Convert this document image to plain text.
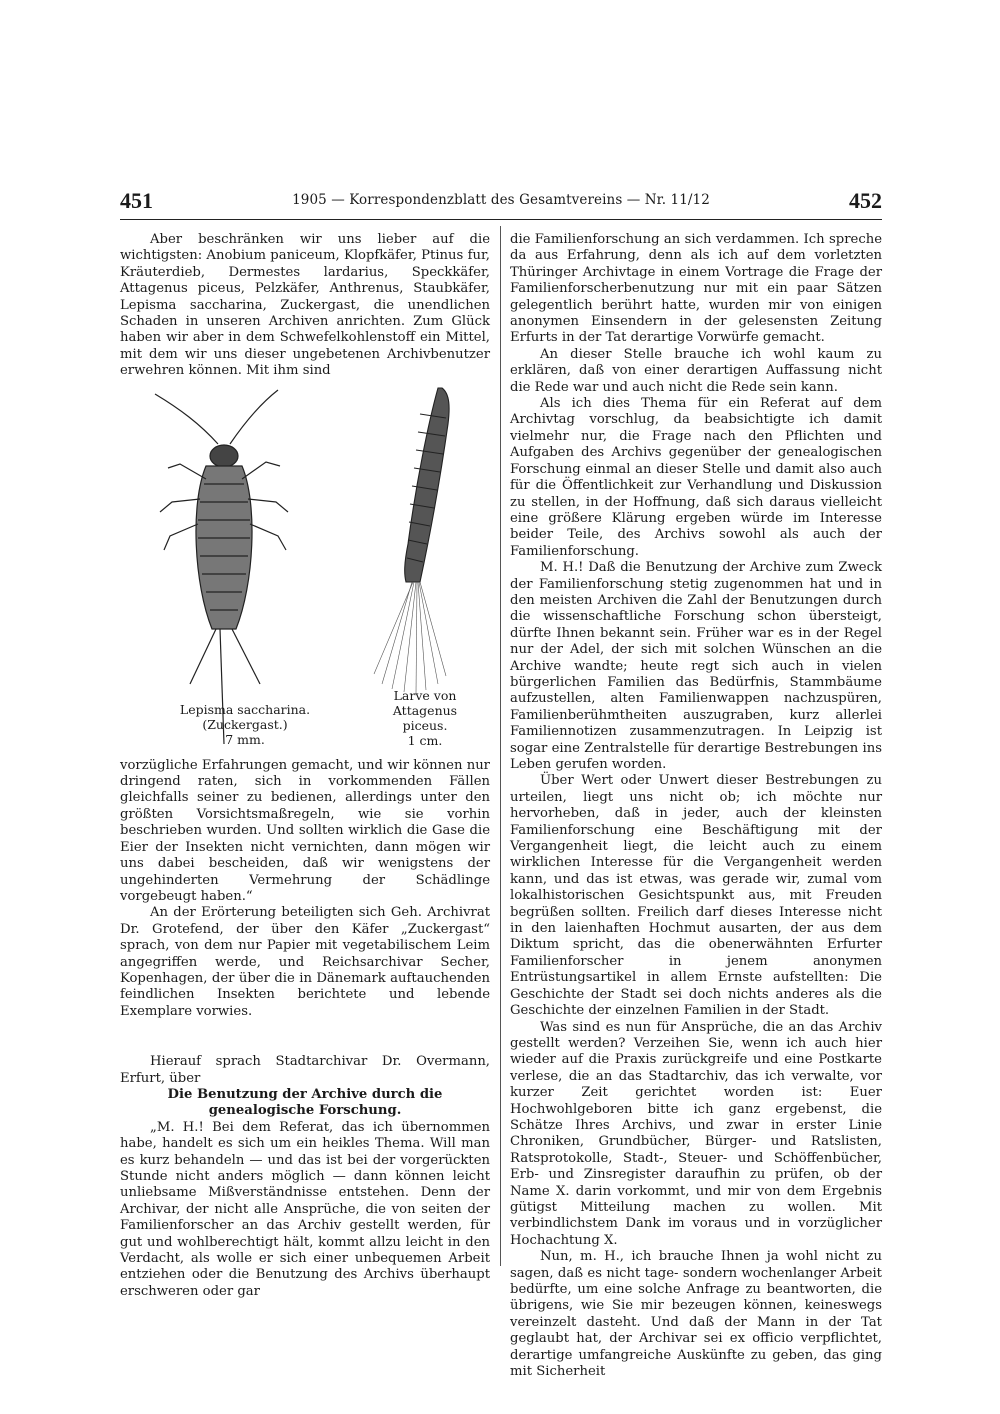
451	1905 — Korrespondenzblatt des Gesamtvereins — Nr. 11/12	452

Aber beschränken wir uns lieber auf die wichtigsten: Anobium paniceum, Klopfkäfer, Ptinus fur, Kräuterdieb, Dermestes lardarius, Speckkäfer, Attagenus piceus, Pelzkäfer, Anthrenus, Staubkäfer, Lepisma saccharina, Zuckergast, die unendlichen Schaden in unseren Archiven anrichten. Zum Glück haben wir aber in dem Schwefelkohlenstoff ein Mittel, mit dem wir uns dieser ungebetenen Archivbenutzer erwehren können. Mit ihm sind

Lepisma saccharina.
(Zuckergast.)
7 mm.
Larve von
Attagenus
piceus.
1 cm.

vorzügliche Erfahrungen gemacht, und wir können nur dringend raten, sich in vorkommenden Fällen gleichfalls seiner zu bedienen, allerdings unter den größten Vorsichtsmaßregeln, wie sie vorhin beschrieben wurden. Und sollten wirklich die Gase die Eier der Insekten nicht vernichten, dann mögen wir uns dabei bescheiden, daß wir wenigstens der ungehinderten Vermehrung der Schädlinge vorgebeugt haben.“

An der Erörterung beteiligten sich Geh. Archivrat Dr. Grotefend, der über den Käfer „Zuckergast“ sprach, von dem nur Papier mit vegetabilischem Leim angegriffen werde, und Reichsarchivar Secher, Kopenhagen, der über die in Dänemark auftauchenden feindlichen Insekten berichtete und lebende Exemplare vorwies.

Hierauf sprach Stadtarchivar Dr. Overmann, Erfurt, über

Die Benutzung der Archive durch die genealogische Forschung.

„M. H.! Bei dem Referat, das ich übernommen habe, handelt es sich um ein heikles Thema. Will man es kurz behandeln — und das ist bei der vorgerückten Stunde nicht anders möglich — dann können leicht unliebsame Mißverständnisse entstehen. Denn der Archivar, der nicht alle Ansprüche, die von seiten der Familienforscher an das Archiv gestellt werden, für gut und wohlberechtigt hält, kommt allzu leicht in den Verdacht, als wolle er sich einer unbequemen Arbeit entziehen oder die Benutzung des Archivs überhaupt erschweren oder gar

die Familienforschung an sich verdammen. Ich spreche da aus Erfahrung, denn als ich auf dem vorletzten Thüringer Archivtage in einem Vortrage die Frage der Familienforscherbenutzung nur mit ein paar Sätzen gelegentlich berührt hatte, wurden mir von einigen anonymen Einsendern in der gelesensten Zeitung Erfurts in der Tat derartige Vorwürfe gemacht.

An dieser Stelle brauche ich wohl kaum zu erklären, daß von einer derartigen Auffassung nicht die Rede war und auch nicht die Rede sein kann.

Als ich dies Thema für ein Referat auf dem Archivtag vorschlug, da beabsichtigte ich damit vielmehr nur, die Frage nach den Pflichten und Aufgaben des Archivs gegenüber der genealogischen Forschung einmal an dieser Stelle und damit also auch für die Öffentlichkeit zur Verhandlung und Diskussion zu stellen, in der Hoffnung, daß sich daraus vielleicht eine größere Klärung ergeben würde im Interesse beider Teile, des Archivs sowohl als auch der Familienforschung.

M. H.! Daß die Benutzung der Archive zum Zweck der Familienforschung stetig zugenommen hat und in den meisten Archiven die Zahl der Benutzungen durch die wissenschaftliche Forschung schon übersteigt, dürfte Ihnen bekannt sein. Früher war es in der Regel nur der Adel, der sich mit solchen Wünschen an die Archive wandte; heute regt sich auch in vielen bürgerlichen Familien das Bedürfnis, Stammbäume aufzustellen, alten Familienwappen nachzuspüren, Familienberühmtheiten auszugraben, kurz allerlei Familiennotizen zusammenzutragen. In Leipzig ist sogar eine Zentralstelle für derartige Bestrebungen ins Leben gerufen worden.

Über Wert oder Unwert dieser Bestrebungen zu urteilen, liegt uns nicht ob; ich möchte nur hervorheben, daß in jeder, auch der kleinsten Familienforschung eine Beschäftigung mit der Vergangenheit liegt, die leicht auch zu einem wirklichen Interesse für die Vergangenheit werden kann, und das ist etwas, was gerade wir, zumal vom lokalhistorischen Gesichtspunkt aus, mit Freuden begrüßen sollten. Freilich darf dieses Interesse nicht in den laienhaften Hochmut ausarten, der aus dem Diktum spricht, das die obenerwähnten Erfurter Familienforscher in jenem anonymen Entrüstungsartikel in allem Ernste aufstellten: Die Geschichte der Stadt sei doch nichts anderes als die Geschichte der einzelnen Familien in der Stadt.

Was sind es nun für Ansprüche, die an das Archiv gestellt werden? Verzeihen Sie, wenn ich auch hier wieder auf die Praxis zurückgreife und eine Postkarte verlese, die an das Stadtarchiv, das ich verwalte, vor kurzer Zeit gerichtet worden ist: Euer Hochwohlgeboren bitte ich ganz ergebenst, die Schätze Ihres Archivs, und zwar in erster Linie Chroniken, Grundbücher, Bürger- und Ratslisten, Ratsprotokolle, Stadt-, Steuer- und Schöffenbücher, Erb- und Zinsregister daraufhin zu prüfen, ob der Name X. darin vorkommt, und mir von dem Ergebnis gütigst Mitteilung machen zu wollen. Mit verbindlichstem Dank im voraus und in vorzüglicher Hochachtung X.

Nun, m. H., ich brauche Ihnen ja wohl nicht zu sagen, daß es nicht tage- sondern wochenlanger Arbeit bedürfte, um eine solche Anfrage zu beantworten, die übrigens, wie Sie mir bezeugen können, keineswegs vereinzelt dasteht. Und daß der Mann in der Tat geglaubt hat, der Archivar sei ex officio verpflichtet, derartige umfangreiche Auskünfte zu geben, das ging mit Sicherheit
